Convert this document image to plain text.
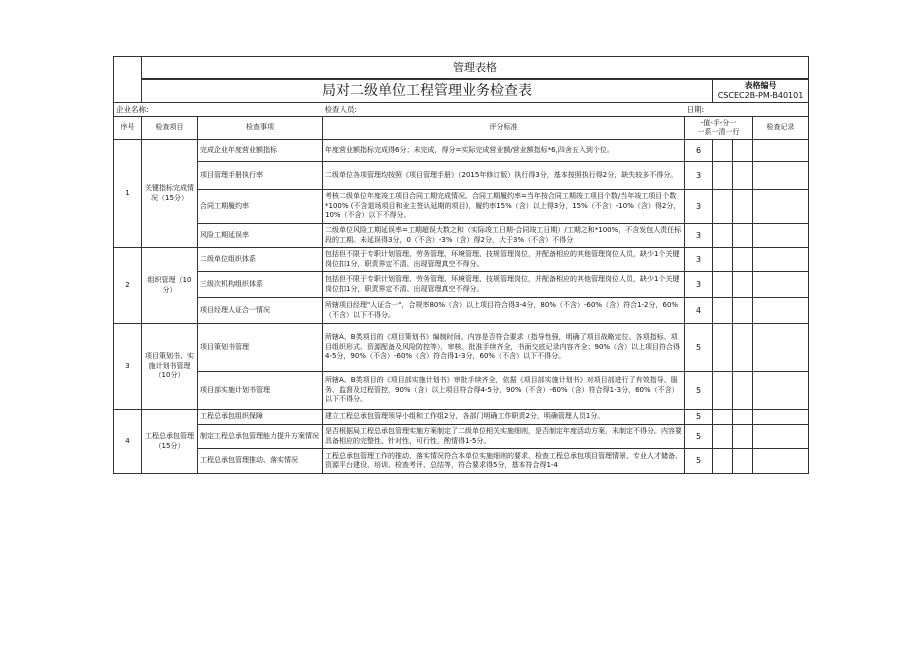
	管理表格						

	局对二级单位工程管理业务检查表				表格编号
CSCEC2B-PM-B40101		

企业名称:			检查人员:	日期:			
序号	检查项目	检查事项	评分标准	-值-手-分一
一系一清一行			检查记录
1	关键指标完成情况（15分）	完成企业年度营业额指标	年度营业额指标完成得6分；未完成，得分=实际完成营业额/营业额指标*6,四舍五入到个位。	6			
		项目管理手册执行率	二级单位各项管理均按照《项目管理手册》（2015年修订版）执行得3分，基本按照执行得2分，缺失较多不得分。	3			
		合同工期履约率	考核二级单位年度竣工项目合同工期完成情况。合同工期履约率=当年按合同工期竣工项目个数/当年竣工项目个数*100% (不含退场项目和业主签认延期的项目)，履约率15%（含）以上得3分，15%（不含）-10%（含）得2分，10%（不含）以下不得分。	3			
		风险工期延误率	二级单位风险工期延误率=工期超误大数之和（实际竣工日期-合同竣工日期）/工期之和*100%，不含发包人责任标段的工期。未延误得3分，0（不含）-3%（含）得2分，大于3%（不含）不得分	3			
2	组织管理（10分）	二级单位组织体系	包括但不限于专职计划管理、劳务管理、环境管理、技规管理岗位，并配备相应的其他管理岗位人员，缺少1个关键岗位扣1分，职责界定不清、出现管理真空不得分。	3			
		三级次机构组织体系	包括但不限于专职计划管理、劳务管理、环境管理、技规管理岗位，并配备相应的其他管理岗位人员，缺少1个关键岗位扣1分，职责界定不清、出现管理真空不得分。	3			
		项目经理人证合一情况	所辖项目经理"人证合一"，合规率80%（含）以上项目符合得3-4分，80%（不含）-60%（含）符合1-2分，60%（不含）以下不得分。	4			
3	项目策划书、实施计划书管理（10分）	项目策划书管理	所辖A、B类项目的《项目策划书》编制时间、内容是否符合要求（指导性强，明确了项目战略定位、各项指标、项目组织形式、资源配备及风险防控等），审核、批准手续齐全，书面交底记录内容齐全；90%（含）以上项目符合得4-5分，90%（不含）-60%（含）符合得1-3分，60%（不含）以下不得分。	5			
		项目部实施计划书管理	所辖A、B类项目的《项目部实施计划书》审批手续齐全，依据《项目部实施计划书》对项目部进行了有效指导、服务、监督及过程管控，90%（含）以上项目符合得4-5分，90%（不含）-60%（含）符合得1-3分，60%（不含）以下不得分。	5			
4	工程总承包管理（15分）	工程总承包组织保障	建立工程总承包管理领导小组和工作组2分，各部门明确工作职责2分，明确管理人员1分。	5			
		制定工程总承包管理能力提升方案情况	是否根据局工程总承包管理实施方案制定了二级单位相关实施细则，是否制定年度活动方案，未制定不得分。内容要具备相应的完整性、针对性、可行性，酌情得1-5分。	5			
		工程总承包管理推动、落实情况	工程总承包管理工作的推动、落实情况符合本单位实施细则的要求，检查工程总承包项目管理情景、专业人才储备、资源平台建设、培训、检查考评、总结等，符合要求得5分，基本符合得1-4	5			
